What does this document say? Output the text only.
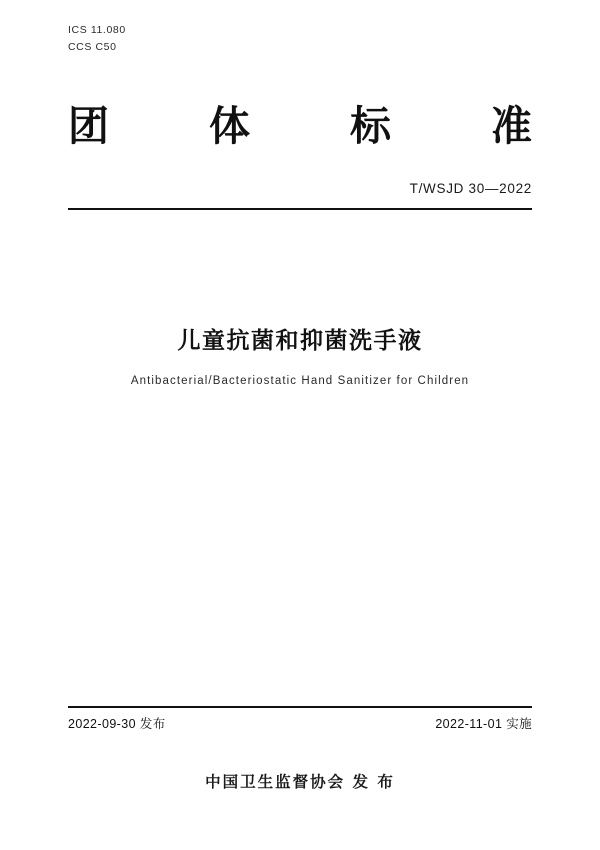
ICS 11.080
CCS C50
团 体 标 准
T/WSJD 30—2022
儿童抗菌和抑菌洗手液
Antibacterial/Bacteriostatic Hand Sanitizer for Children
2022-09-30 发布	2022-11-01 实施
中国卫生监督协会 发 布
